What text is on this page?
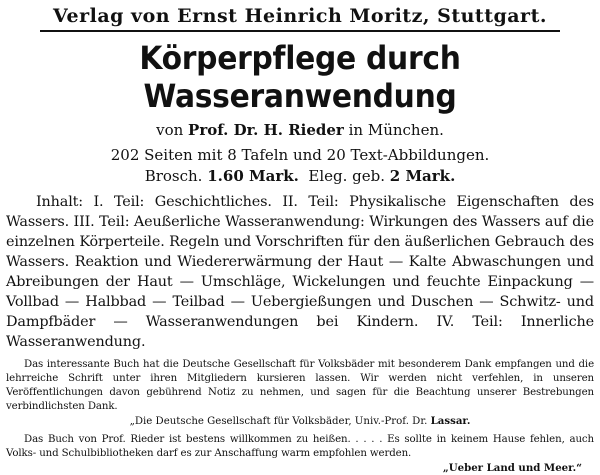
Verlag von Ernst Heinrich Moritz, Stuttgart.
Körperpflege durch Wasseranwendung
von Prof. Dr. H. Rieder in München.
202 Seiten mit 8 Tafeln und 20 Text-Abbildungen.
Brosch. 1.60 Mark. Eleg. geb. 2 Mark.
Inhalt: I. Teil: Geschichtliches. II. Teil: Physikalische Eigenschaften des Wassers. III. Teil: Aeußerliche Wasseranwendung: Wirkungen des Wassers auf die einzelnen Körperteile. Regeln und Vorschriften für den äußerlichen Gebrauch des Wassers. Reaktion und Wiedererwärmung der Haut — Kalte Abwaschungen und Abreibungen der Haut — Umschläge, Wickelungen und feuchte Einpackung — Vollbad — Halbbad — Teilbad — Uebergießungen und Duschen — Schwitz- und Dampfbäder — Wasseranwendungen bei Kindern. IV. Teil: Innerliche Wasseranwendung.

Das interessante Buch hat die Deutsche Gesellschaft für Volksbäder mit besonderem Dank empfangen und die lehrreiche Schrift unter ihren Mitgliedern kursieren lassen. Wir werden nicht verfehlen, in unseren Veröffentlichungen davon gebührend Notiz zu nehmen, und sagen für die Beachtung unserer Bestrebungen verbindlichsten Dank.

„Die Deutsche Gesellschaft für Volksbäder, Univ.-Prof. Dr. Lassar.

Das Buch von Prof. Rieder ist bestens willkommen zu heißen. . . . . Es sollte in keinem Hause fehlen, auch Volks- und Schulbibliotheken darf es zur Anschaffung warm empfohlen werden.

„Ueber Land und Meer.“
